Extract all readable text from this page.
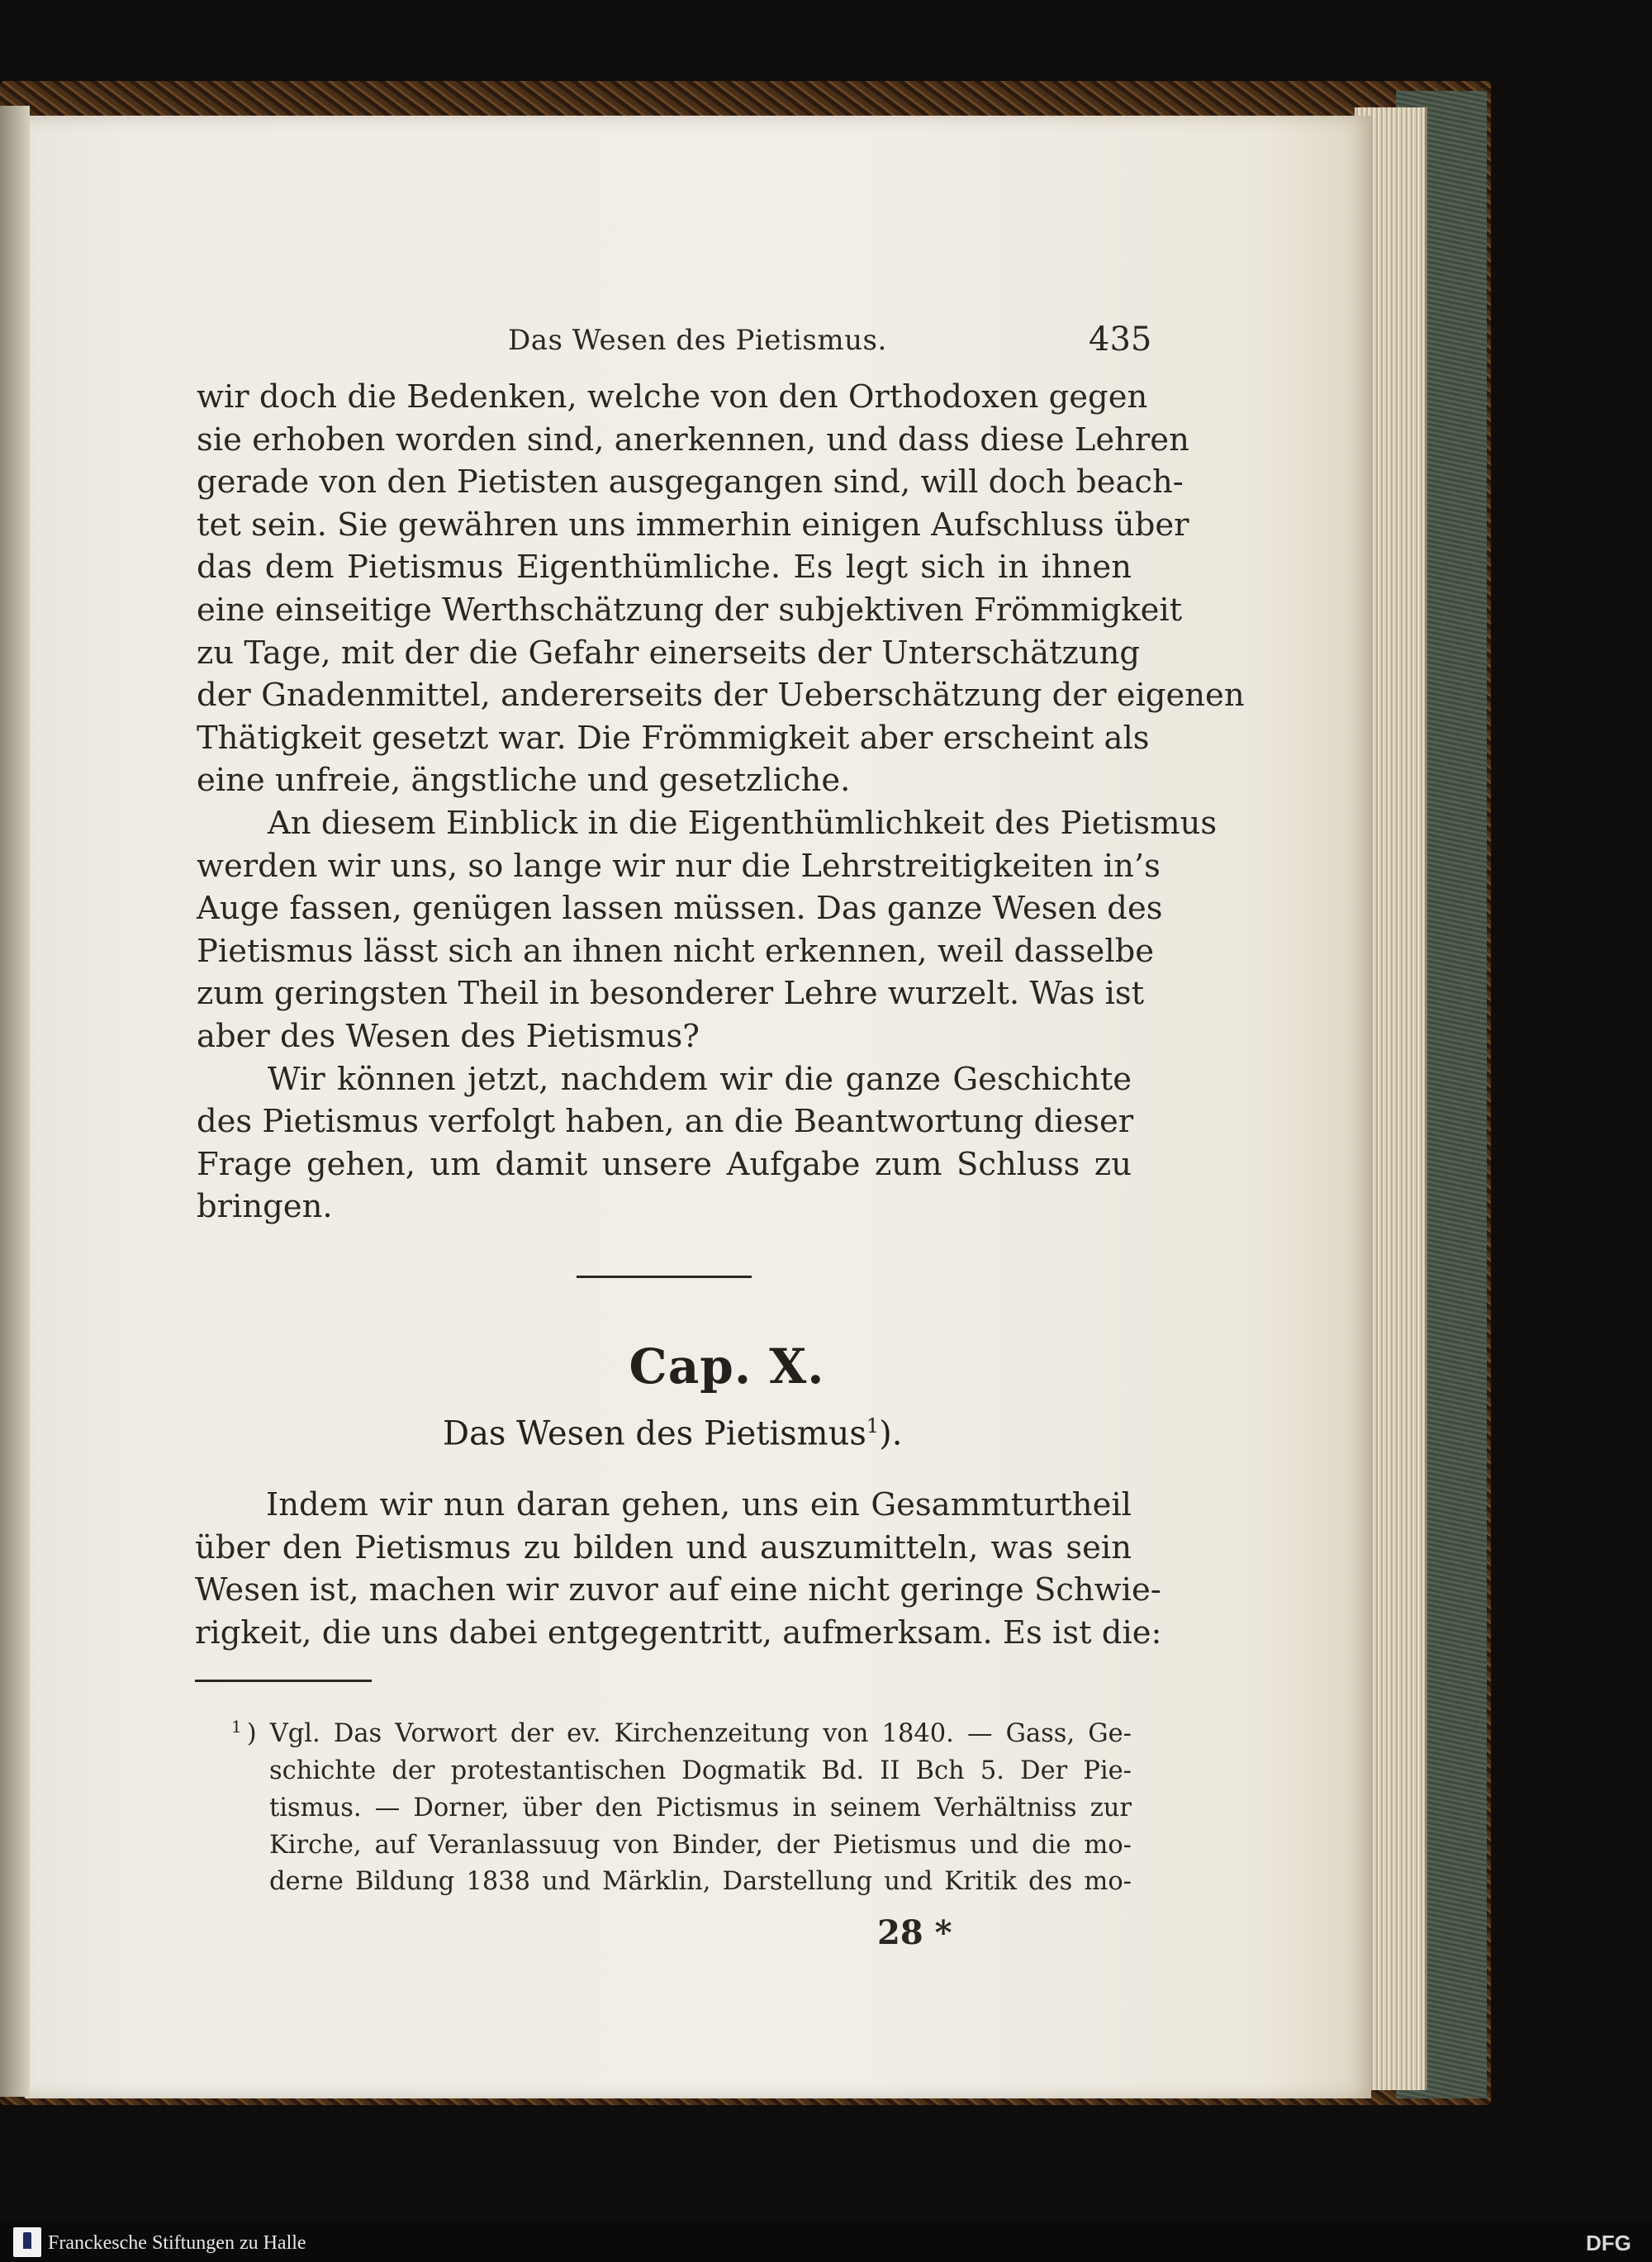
Das Wesen des Pietismus.	435

wir doch die Bedenken, welche von den Orthodoxen gegen
sie erhoben worden sind, anerkennen, und dass diese Lehren
gerade von den Pietisten ausgegangen sind, will doch beach-
tet sein. Sie gewähren uns immerhin einigen Aufschluss über
das dem Pietismus Eigenthümliche. Es legt sich in ihnen
eine einseitige Werthschätzung der subjektiven Frömmigkeit
zu Tage, mit der die Gefahr einerseits der Unterschätzung
der Gnadenmittel, andererseits der Ueberschätzung der eigenen
Thätigkeit gesetzt war. Die Frömmigkeit aber erscheint als
eine unfreie, ängstliche und gesetzliche.

An diesem Einblick in die Eigenthümlichkeit des Pietismus
werden wir uns, so lange wir nur die Lehrstreitigkeiten in’s
Auge fassen, genügen lassen müssen. Das ganze Wesen des
Pietismus lässt sich an ihnen nicht erkennen, weil dasselbe
zum geringsten Theil in besonderer Lehre wurzelt. Was ist
aber des Wesen des Pietismus?

Wir können jetzt, nachdem wir die ganze Geschichte
des Pietismus verfolgt haben, an die Beantwortung dieser
Frage gehen, um damit unsere Aufgabe zum Schluss zu
bringen.

Cap. X.
Das Wesen des Pietismus$^1$).

Indem wir nun daran gehen, uns ein Gesammturtheil
über den Pietismus zu bilden und auszumitteln, was sein
Wesen ist, machen wir zuvor auf eine nicht geringe Schwie-
rigkeit, die uns dabei entgegentritt, aufmerksam. Es ist die:

$^1$ ) Vgl. Das Vorwort der ev. Kirchenzeitung von 1840. — Gass, Ge-
schichte der protestantischen Dogmatik Bd. II Bch 5. Der Pie-
tismus. — Dorner, über den Pictismus in seinem Verhältniss zur
Kirche, auf Veranlassuug von Binder, der Pietismus und die mo-
derne Bildung 1838 und Märklin, Darstellung und Kritik des mo-

28 *
Franckesche Stiftungen zu Halle	DFG
